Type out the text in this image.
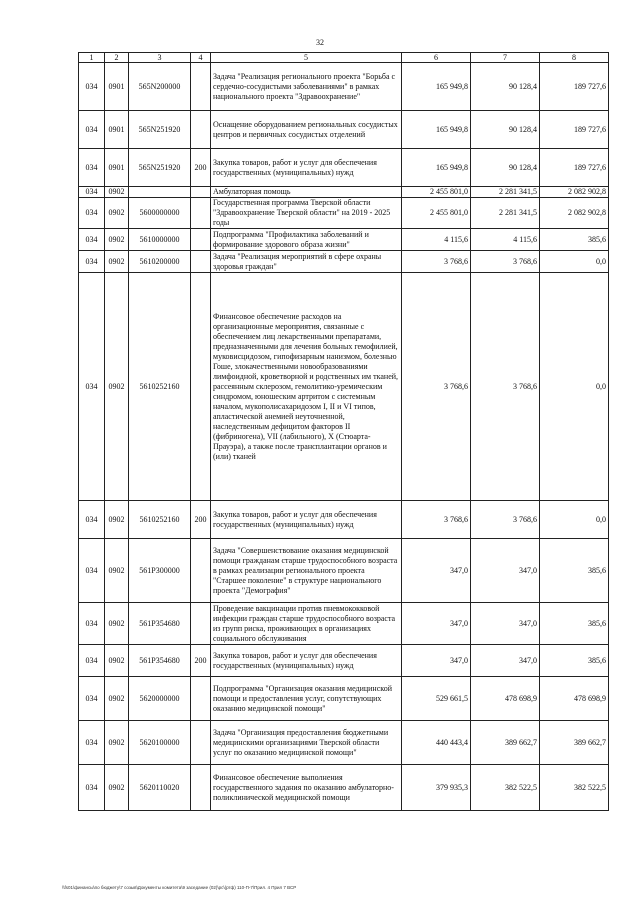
32
1	2	3	4	5	6	7	8
034	0901	565N200000		Задача "Реализация регионального проекта "Борьба с сердечно-сосудистыми заболеваниями" в рамках национального проекта "Здравоохранение"	165 949,8	90 128,4	189 727,6
034	0901	565N251920		Оснащение оборудованием региональных сосудистых центров и первичных сосудистых отделений	165 949,8	90 128,4	189 727,6
034	0901	565N251920	200	Закупка товаров, работ и услуг для обеспечения государственных (муниципальных) нужд	165 949,8	90 128,4	189 727,6
034	0902			Амбулаторная помощь	2 455 801,0	2 281 341,5	2 082 902,8
034	0902	5600000000		Государственная программа Тверской области "Здравоохранение Тверской области" на 2019 - 2025 годы	2 455 801,0	2 281 341,5	2 082 902,8
034	0902	5610000000		Подпрограмма "Профилактика заболеваний и формирование здорового образа жизни"	4 115,6	4 115,6	385,6
034	0902	5610200000		Задача "Реализация мероприятий в сфере охраны здоровья граждан"	3 768,6	3 768,6	0,0
034	0902	5610252160		Финансовое обеспечение расходов на организационные мероприятия, связанные с обеспечением лиц лекарственными препаратами, предназначенными для лечения больных гемофилией, муковисцидозом, гипофизарным нанизмом, болезнью Гоше, злокачественными новообразованиями лимфоидной, кроветворной и родственных им тканей, рассеянным склерозом, гемолитико-уремическим синдромом, юношеским артритом с системным началом, мукополисахаридозом I, II и VI типов, апластической анемией неуточненной, наследственным дефицитом факторов II (фибриногена), VII (лабильного), X (Стюарта-Прауэра), а также после трансплантации органов и (или) тканей	3 768,6	3 768,6	0,0
034	0902	5610252160	200	Закупка товаров, работ и услуг для обеспечения государственных (муниципальных) нужд	3 768,6	3 768,6	0,0
034	0902	561P300000		Задача "Совершенствование оказания медицинской помощи гражданам старше трудоспособного возраста в рамках реализации регионального проекта "Старшее поколение" в структуре национального проекта "Демография"	347,0	347,0	385,6
034	0902	561P354680		Проведение вакцинации против пневмококковой инфекции граждан старше трудоспособного возраста из групп риска, проживающих в организациях социального обслуживания	347,0	347,0	385,6
034	0902	561P354680	200	Закупка товаров, работ и услуг для обеспечения государственных (муниципальных) нужд	347,0	347,0	385,6
034	0902	5620000000		Подпрограмма "Организация оказания медицинской помощи и предоставления услуг, сопутствующих оказанию медицинской помощи"	529 661,5	478 698,9	478 698,9
034	0902	5620100000		Задача "Организация предоставления бюджетными медицинскими организациями Тверской области услуг по оказанию медицинской помощи"	440 443,4	389 662,7	389 662,7
034	0902	5620110020		Финансовое обеспечение выполнения государственного задания по оказанию амбулаторно-поликлинической медицинской помощи	379 935,3	382 522,5	382 522,5
\\fs01\финансы\по бюджету\7 созыв\Документы комитета\9 заседание (02)\рс\(ртф) 110-П-7\Прил. 4 Прил 7 ВСР
